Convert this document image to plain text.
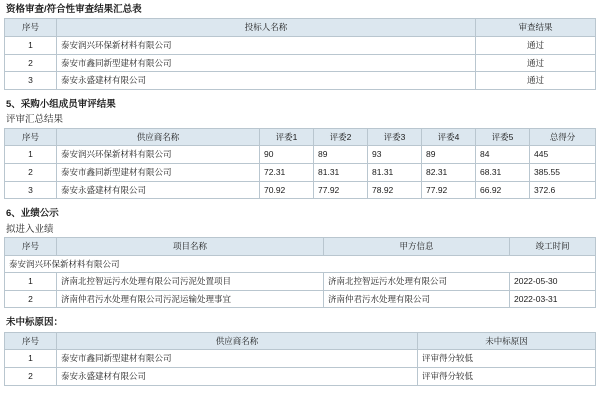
资格审查/符合性审查结果汇总表
序号	投标人名称	审查结果
1	泰安润兴环保新材料有限公司	通过
2	泰安市鑫同新型建材有限公司	通过
3	泰安永盛建材有限公司	通过
5、采购小组成员审评结果
评审汇总结果
序号	供应商名称	评委1	评委2	评委3	评委4	评委5	总得分
1	泰安润兴环保新材料有限公司	90	89	93	89	84	445
2	泰安市鑫同新型建材有限公司	72.31	81.31	81.31	82.31	68.31	385.55
3	泰安永盛建材有限公司	70.92	77.92	78.92	77.92	66.92	372.6
6、业绩公示
拟进入业绩
序号	项目名称	甲方信息	竣工时间
泰安润兴环保新材料有限公司			
1	济南北控智远污水处理有限公司污泥处置项目	济南北控智远污水处理有限公司	2022-05-30
2	济南仲君污水处理有限公司污泥运输处理事宜	济南仲君污水处理有限公司	2022-03-31
未中标原因：
序号	供应商名称	未中标原因
1	泰安市鑫同新型建材有限公司	评审得分较低
2	泰安永盛建材有限公司	评审得分较低
